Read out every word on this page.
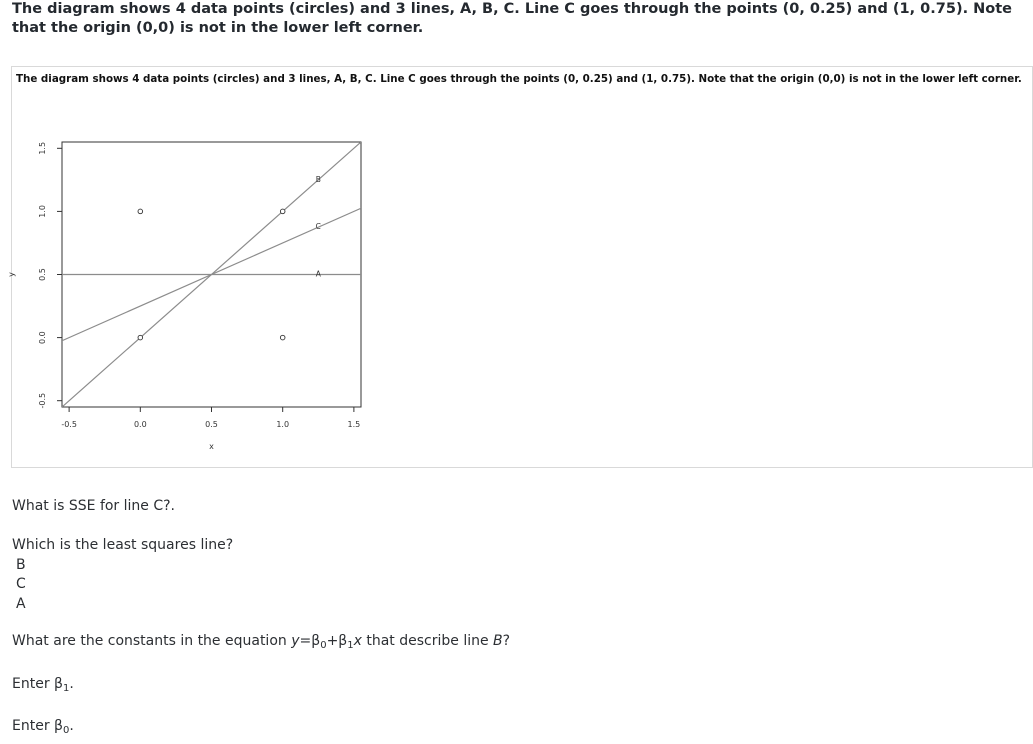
The diagram shows 4 data points (circles) and 3 lines, A, B, C. Line C goes through the points (0, 0.25) and (1, 0.75). Note that the origin (0,0) is not in the lower left corner.
The diagram shows 4 data points (circles) and 3 lines, A, B, C. Line C goes through the points (0, 0.25) and (1, 0.75). Note that the origin (0,0) is not in the lower left corner.
-0.5	0.0	0.5	1.0	1.5
-0.5
0.0
0.5
1.0
1.5
x
y	A
B
C
What is SSE for line C?.
Which is the least squares line?
B
C
A
What are the constants in the equation $y=\beta_0+\beta_1x$ that describe line B?
Enter $\beta_1$.
Enter $\beta_0$.
